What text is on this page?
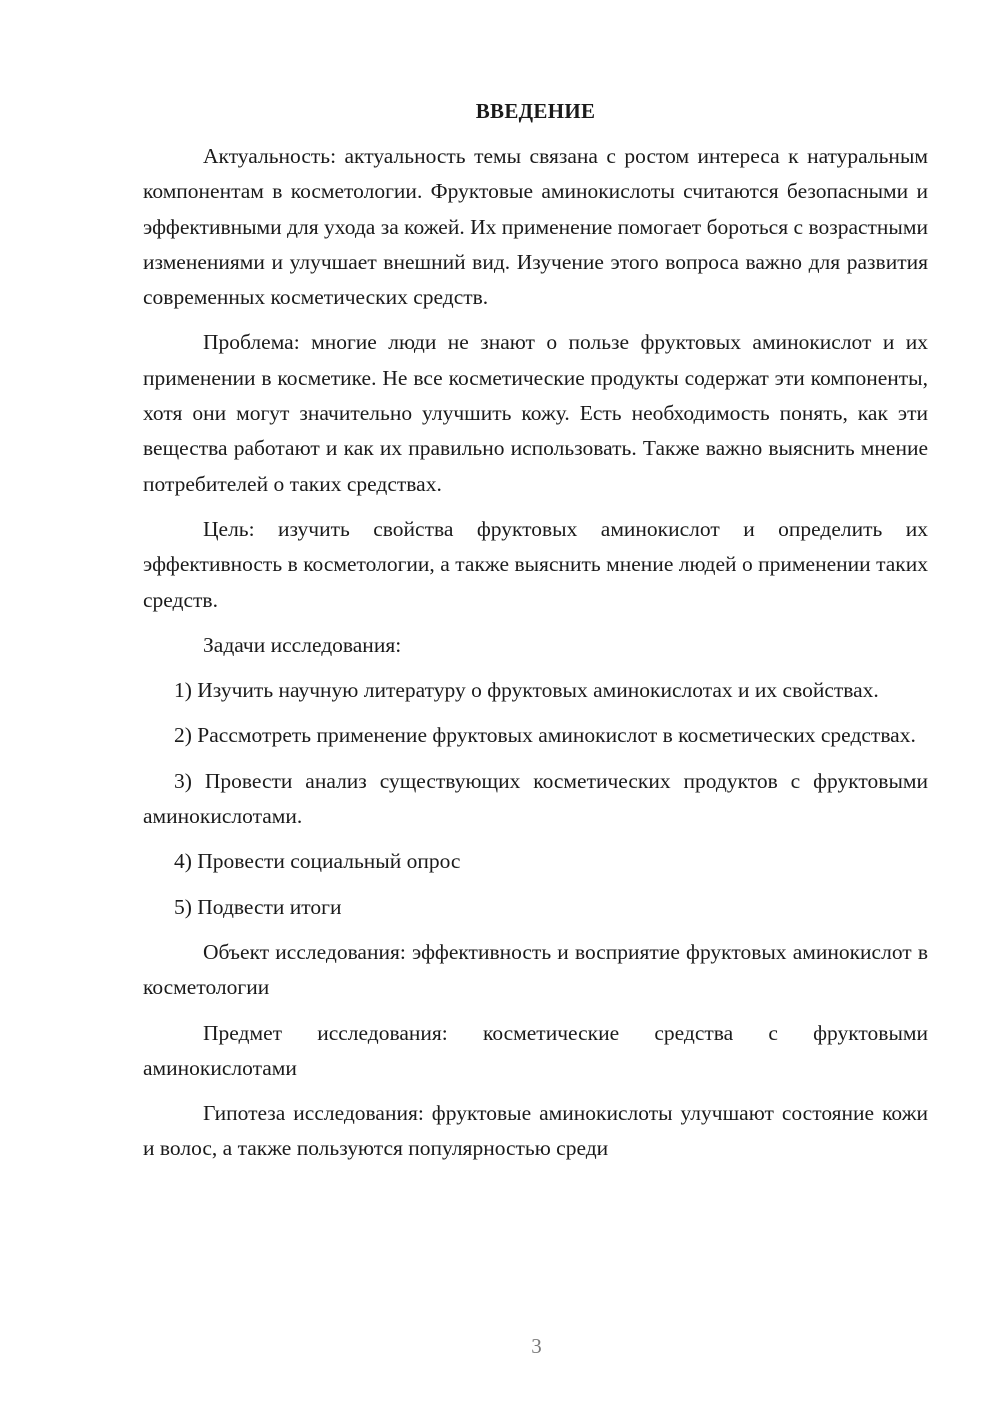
ВВЕДЕНИЕ

Актуальность: актуальность темы связана с ростом интереса к натуральным компонентам в косметологии. Фруктовые аминокислоты считаются безопасными и эффективными для ухода за кожей. Их применение помогает бороться с возрастными изменениями и улучшает внешний вид. Изучение этого вопроса важно для развития современных косметических средств.

Проблема: многие люди не знают о пользе фруктовых аминокислот и их применении в косметике. Не все косметические продукты содержат эти компоненты, хотя они могут значительно улучшить кожу. Есть необходимость понять, как эти вещества работают и как их правильно использовать. Также важно выяснить мнение потребителей о таких средствах.

Цель: изучить свойства фруктовых аминокислот и определить их эффективность в косметологии, а также выяснить мнение людей о применении таких средств.

Задачи исследования:

1) Изучить научную литературу о фруктовых аминокислотах и их свойствах.

2) Рассмотреть применение фруктовых аминокислот в косметических средствах.

3) Провести анализ существующих косметических продуктов с фруктовыми аминокислотами.

4) Провести социальный опрос

5) Подвести итоги

Объект исследования: эффективность и восприятие фруктовых аминокислот в косметологии

Предмет исследования: косметические средства с фруктовыми аминокислотами

Гипотеза исследования: фруктовые аминокислоты улучшают состояние кожи и волос, а также пользуются популярностью среди

3
